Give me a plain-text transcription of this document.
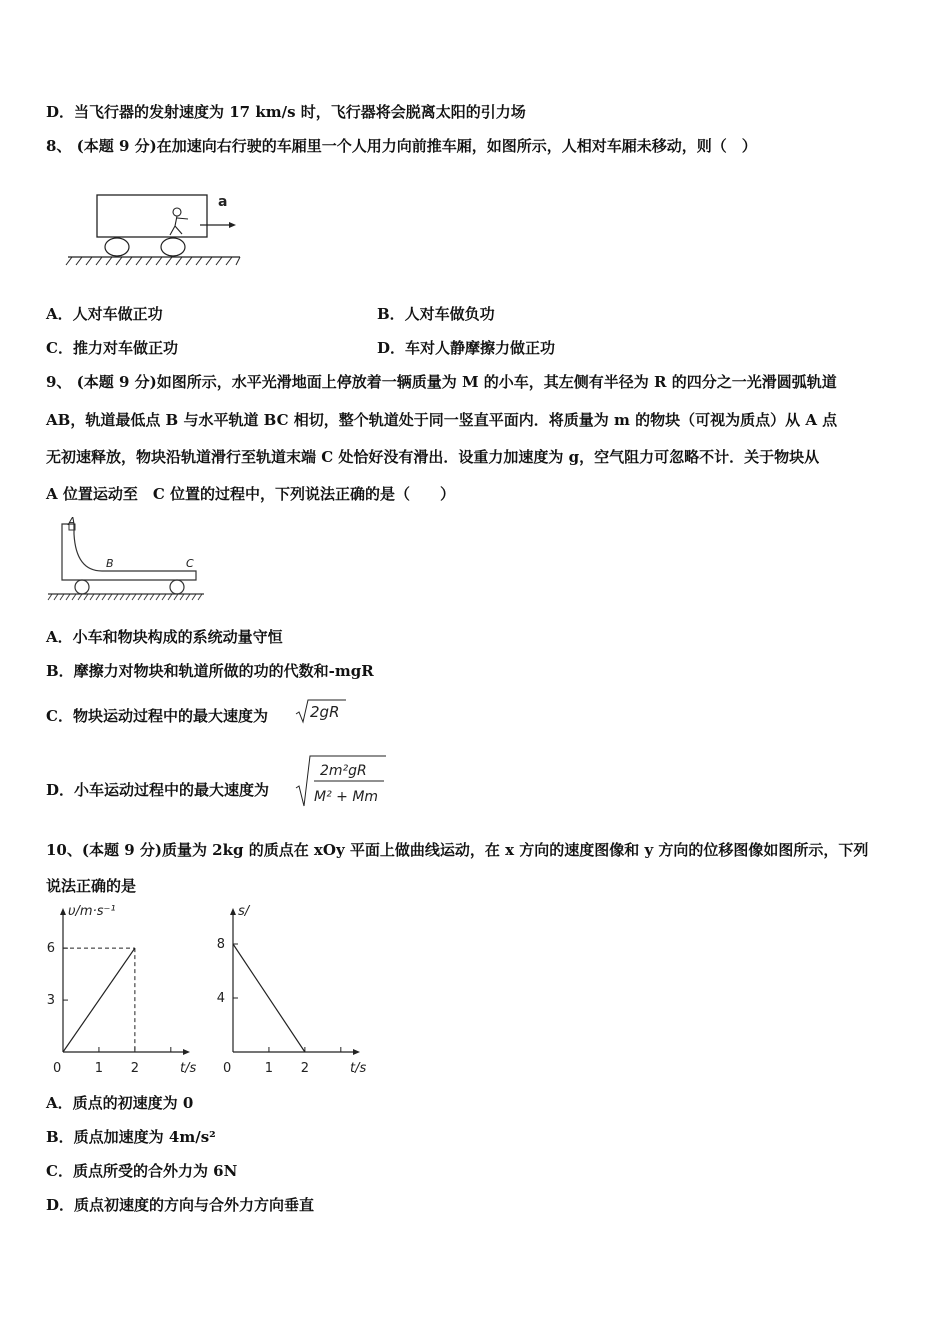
D．当飞行器的发射速度为 17 km/s 时，飞行器将会脱离太阳的引力场
8、 (本题 9 分)在加速向右行驶的车厢里一个人用力向前推车厢，如图所示，人相对车厢未移动，则（　）
a
A．人对车做正功	B．人对车做负功
C．推力对车做正功	D．车对人静摩擦力做正功
9、 (本题 9 分)如图所示，水平光滑地面上停放着一辆质量为 M 的小车，其左侧有半径为 R 的四分之一光滑圆弧轨道
AB，轨道最低点 B 与水平轨道 BC 相切，整个轨道处于同一竖直平面内．将质量为 m 的物块（可视为质点）从 A 点
无初速释放，物块沿轨道滑行至轨道末端 C 处恰好没有滑出．设重力加速度为 g，空气阻力可忽略不计．关于物块从
A 位置运动至　C 位置的过程中，下列说法正确的是（　　）
A
B	C
A．小车和物块构成的系统动量守恒
B．摩擦力对物块和轨道所做的功的代数和-mgR
C．物块运动过程中的最大速度为	2gR
D．小车运动过程中的最大速度为
2m²gR
M² + Mm
10、(本题 9 分)质量为 2kg 的质点在 xOy 平面上做曲线运动，在 x 方向的速度图像和 y 方向的位移图像如图所示，下列
说法正确的是
0	1 2
3
6
υ/m·s⁻¹
t/s 0	1 2
4
8
s/
t/s
A．质点的初速度为 0
B．质点加速度为 4m/s²
C．质点所受的合外力为 6N
D．质点初速度的方向与合外力方向垂直
